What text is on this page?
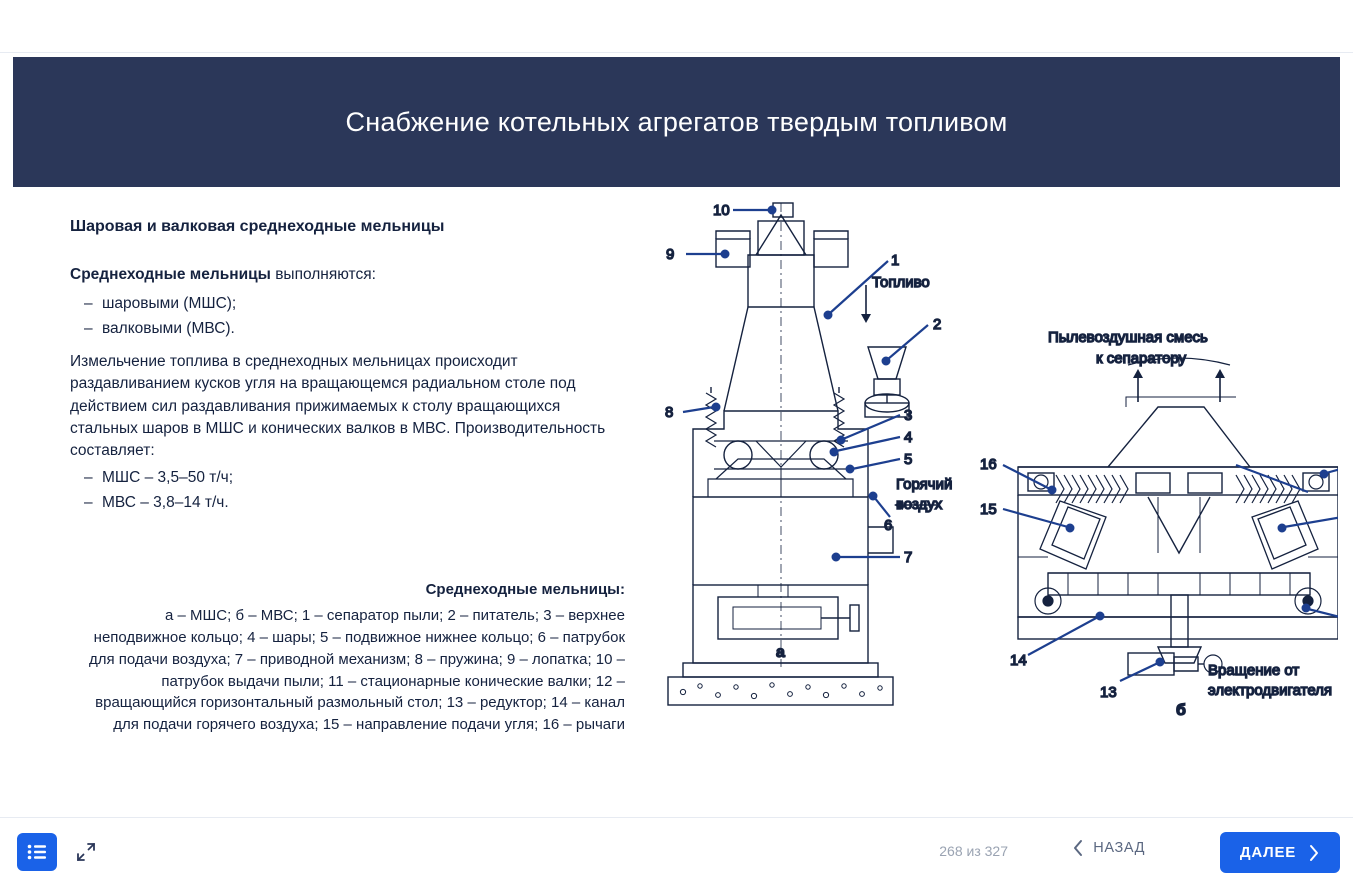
Снабжение котельных агрегатов твердым топливом

Шаровая и валковая среднеходные мельницы

Среднеходные мельницы выполняются:

– шаровыми (МШС);
– валковыми (МВС).

Измельчение топлива в среднеходных мельницах происходит раздавливанием кусков угля на вращающемся радиальном столе под действием сил раздавливания прижимаемых к столу вращающихся стальных шаров в МШС и конических валков в МВС. Производительность составляет:

– МШС – 3,5–50 т/ч;
– МВС – 3,8–14 т/ч.

Среднеходные мельницы:

а – МШС; б – МВС; 1 – сепаратор пыли; 2 – питатель; 3 – верхнее неподвижное кольцо; 4 – шары; 5 – подвижное нижнее кольцо; 6 – патрубок для подачи воздуха; 7 – приводной механизм; 8 – пружина; 9 – лопатка; 10 – патрубок выдачи пыли; 11 – стационарные конические валки; 12 – вращающийся горизонтальный размольный стол; 13 – редуктор; 14 – канал для подачи горячего воздуха; 15 – направление подачи угля; 16 – рычаги

10
9	1
2
8	3
4
5
6
7
Топливо
Горячий
воздух
а
16
15
14
13
Пылевоздушная смесь
к сепаратору
Вращение от
электродвигателя
б
268 из 327	НАЗАД	ДАЛЕЕ
